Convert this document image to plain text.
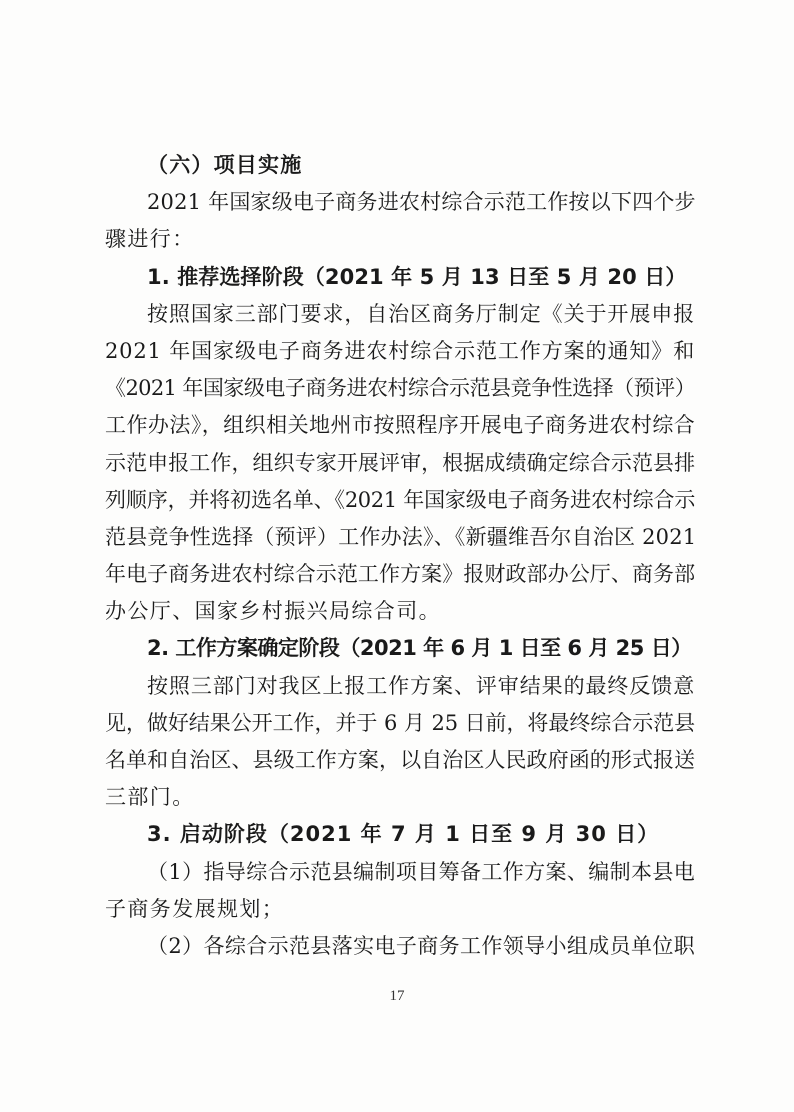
（六）项目实施
2021 年国家级电子商务进农村综合示范工作按以下四个步
骤进行：
1. 推荐选择阶段（2021 年 5 月 13 日至 5 月 20 日）
按照国家三部门要求，自治区商务厅制定《关于开展申报
2021 年国家级电子商务进农村综合示范工作方案的通知》和
《2021 年国家级电子商务进农村综合示范县竞争性选择（预评）
工作办法》，组织相关地州市按照程序开展电子商务进农村综合
示范申报工作，组织专家开展评审，根据成绩确定综合示范县排
列顺序，并将初选名单、《2021 年国家级电子商务进农村综合示
范县竞争性选择（预评）工作办法》、《新疆维吾尔自治区 2021
年电子商务进农村综合示范工作方案》报财政部办公厅、商务部
办公厅、国家乡村振兴局综合司。
2. 工作方案确定阶段（2021 年 6 月 1 日至 6 月 25 日）
按照三部门对我区上报工作方案、评审结果的最终反馈意
见，做好结果公开工作，并于 6 月 25 日前，将最终综合示范县
名单和自治区、县级工作方案，以自治区人民政府函的形式报送
三部门。
3. 启动阶段（2021 年 7 月 1 日至 9 月 30 日）
（1）指导综合示范县编制项目筹备工作方案、编制本县电
子商务发展规划；
（2）各综合示范县落实电子商务工作领导小组成员单位职
17
